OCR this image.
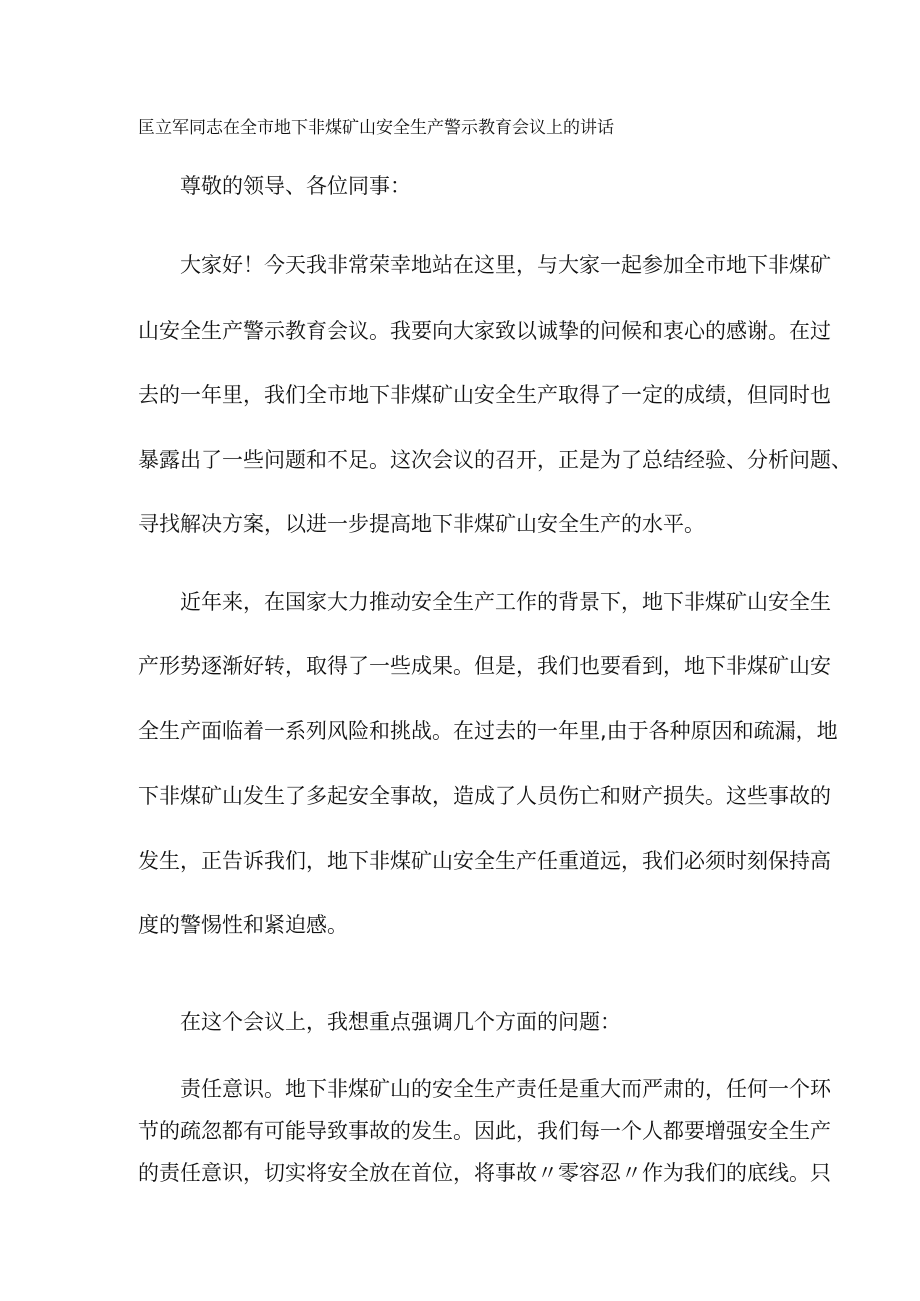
匡立军同志在全市地下非煤矿山安全生产警示教育会议上的讲话
尊敬的领导、各位同事：
大家好！今天我非常荣幸地站在这里，与大家一起参加全市地下非煤矿
山安全生产警示教育会议。我要向大家致以诚挚的问候和衷心的感谢。在过
去的一年里，我们全市地下非煤矿山安全生产取得了一定的成绩，但同时也
暴露出了一些问题和不足。这次会议的召开，正是为了总结经验、分析问题、
寻找解决方案，以进一步提高地下非煤矿山安全生产的水平。
近年来，在国家大力推动安全生产工作的背景下，地下非煤矿山安全生
产形势逐渐好转，取得了一些成果。但是，我们也要看到，地下非煤矿山安
全生产面临着一系列风险和挑战。在过去的一年里,由于各种原因和疏漏，地
下非煤矿山发生了多起安全事故，造成了人员伤亡和财产损失。这些事故的
发生，正告诉我们，地下非煤矿山安全生产任重道远，我们必须时刻保持高
度的警惕性和紧迫感。
在这个会议上，我想重点强调几个方面的问题：
责任意识。地下非煤矿山的安全生产责任是重大而严肃的，任何一个环
节的疏忽都有可能导致事故的发生。因此，我们每一个人都要增强安全生产
的责任意识，切实将安全放在首位，将事故〃零容忍〃作为我们的底线。只
